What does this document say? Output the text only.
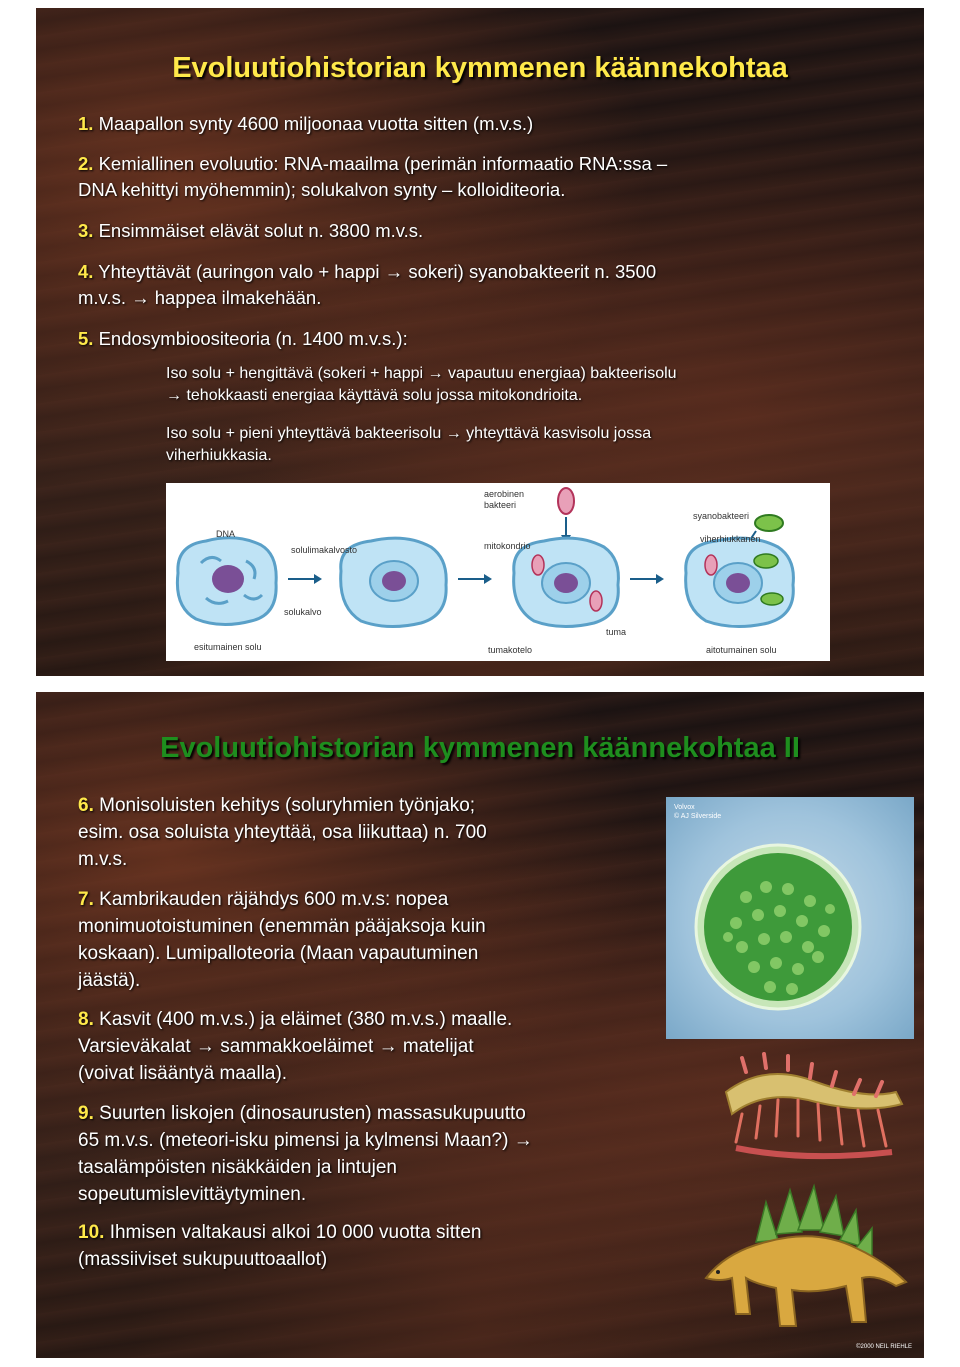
Evoluutiohistorian kymmenen käännekohtaa
1. Maapallon synty 4600 miljoonaa vuotta sitten (m.v.s.)
2. Kemiallinen evoluutio: RNA-maailma (perimän informaatio RNA:ssa –
DNA kehittyi myöhemmin); solukalvon synty – kolloiditeoria.
3. Ensimmäiset elävät solut n. 3800 m.v.s.
4. Yhteyttävät (auringon valo + happi → sokeri) syanobakteerit n. 3500
m.v.s. → happea ilmakehään.
5. Endosymbioositeoria (n. 1400 m.v.s.):
Iso solu + hengittävä (sokeri + happi → vapautuu energiaa) bakteerisolu
→ tehokkaasti energiaa käyttävä solu jossa mitokondrioita.
Iso solu + pieni yhteyttävä bakteerisolu → yhteyttävä kasvisolu jossa
viherhiukkasia.
DNA
solulimakalvosto
solukalvo
esitumainen solu
aerobinen
bakteeri
mitokondrio
tuma
tumakotelo
syanobakteeri
viherhiukkanen
aitotumainen solu
Evoluutiohistorian kymmenen käännekohtaa II
6. Monisoluisten kehitys (soluryhmien työnjako;
esim. osa soluista yhteyttää, osa liikuttaa) n. 700
m.v.s.
7. Kambrikauden räjähdys 600 m.v.s: nopea
monimuotoistuminen (enemmän pääjaksoja kuin
koskaan). Lumipalloteoria (Maan vapautuminen
jäästä).
8. Kasvit (400 m.v.s.) ja eläimet (380 m.v.s.) maalle.
Varsieväkalat → sammakkoeläimet → matelijat
(voivat lisääntyä maalla).
9. Suurten liskojen (dinosaurusten) massasukupuutto
65 m.v.s. (meteori-isku pimensi ja kylmensi Maan?) →
tasalämpöisten nisäkkäiden ja lintujen
sopeutumislevittäytyminen.
10. Ihmisen valtakausi alkoi 10 000 vuotta sitten
(massiiviset sukupuuttoaallot)
Volvox
© AJ Silverside
©2000 NEIL RIEHLE
